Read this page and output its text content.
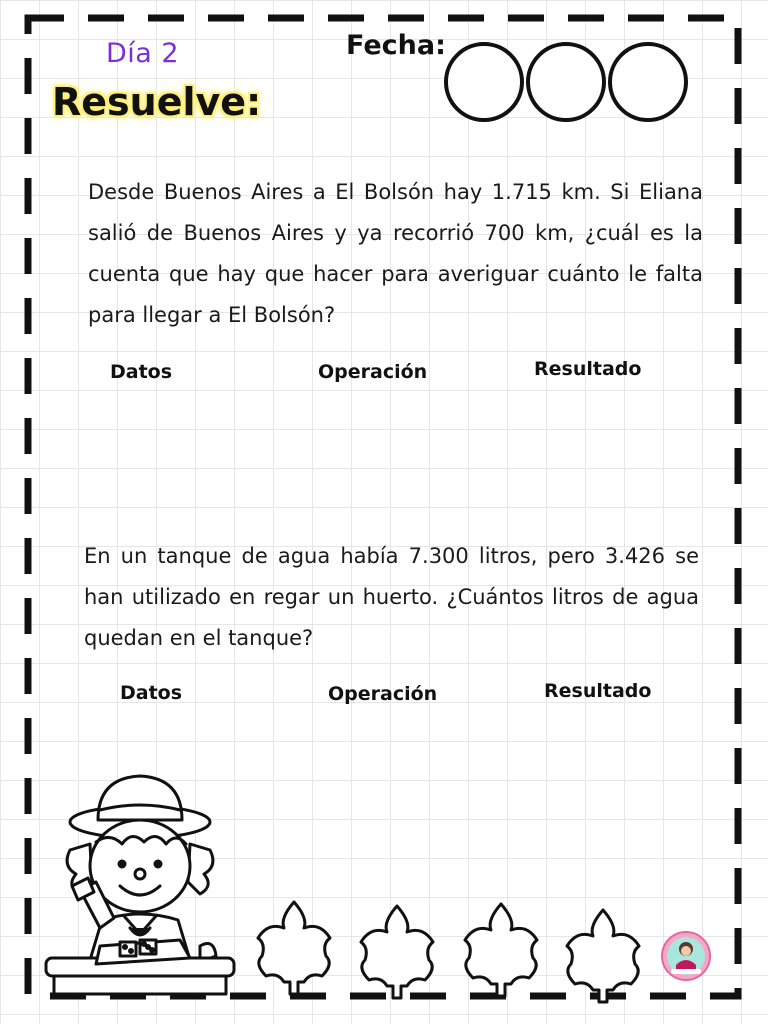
Día 2
Resuelve:
Fecha:
Desde Buenos Aires a El Bolsón hay 1.715 km. Si Eliana salió de Buenos Aires y ya recorrió 700 km, ¿cuál es la cuenta que hay que hacer para averiguar cuánto le falta para llegar a El Bolsón?
Datos	Operación	Resultado
En un tanque de agua había 7.300 litros, pero 3.426 se han utilizado en regar un huerto. ¿Cuántos litros de agua quedan en el tanque?
Datos	Operación	Resultado
